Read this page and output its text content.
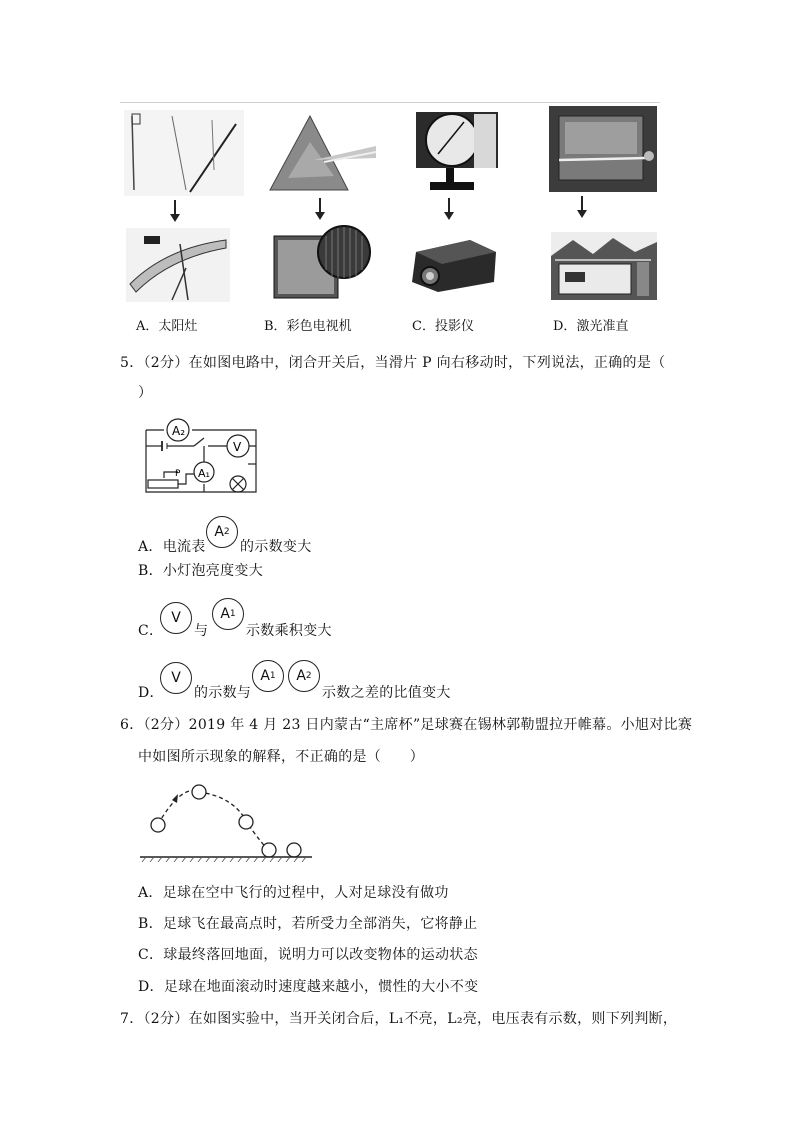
A．太阳灶	B．彩色电视机	C．投影仪	D．激光准直
5．（2分）在如图电路中，闭合开关后，当滑片 P 向右移动时，下列说法，正确的是（
）
A₂
V
A₁
P
A．电流表
A 2
的示数变大
B．小灯泡亮度变大
C．
V
与
A 1
示数乘积变大
D．
V
的示数与
A 1 A 2
示数之差的比值变大
6．（2分）2019 年 4 月 23 日内蒙古“主席杯”足球赛在锡林郭勒盟拉开帷幕。小旭对比赛
中如图所示现象的解释，不正确的是（　　）
A．足球在空中飞行的过程中，人对足球没有做功
B．足球飞在最高点时，若所受力全部消失，它将静止
C．球最终落回地面，说明力可以改变物体的运动状态
D．足球在地面滚动时速度越来越小，惯性的大小不变
7．（2分）在如图实验中，当开关闭合后，L₁不亮，L₂亮，电压表有示数，则下列判断，
